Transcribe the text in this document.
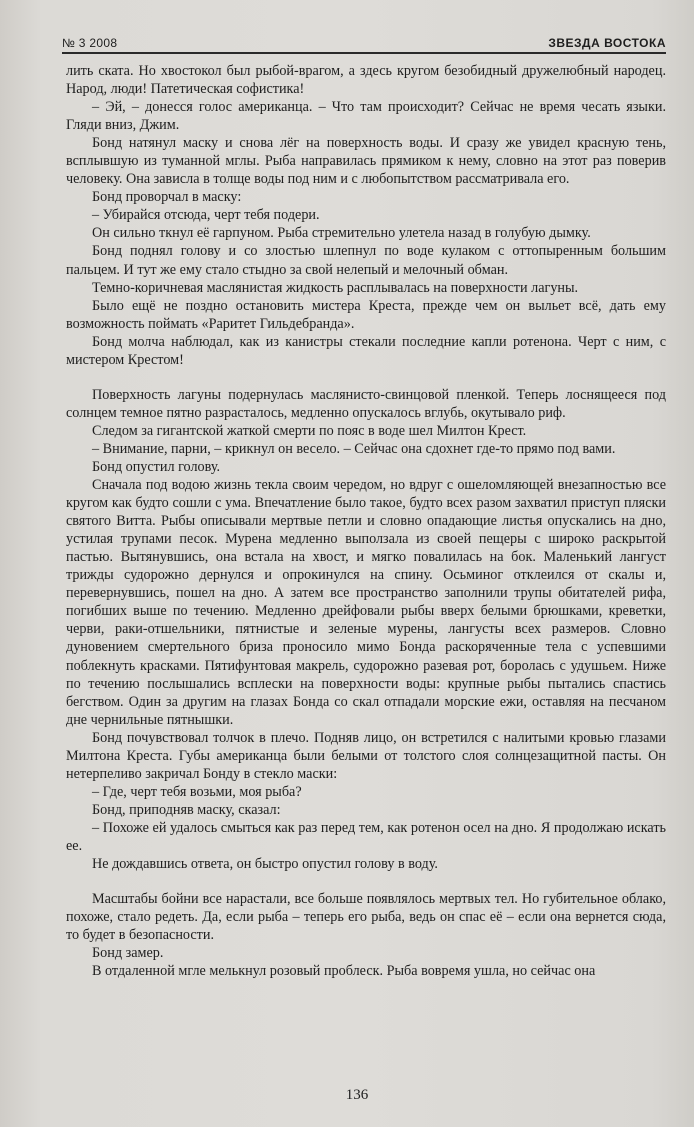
№ 3 2008	ЗВЕЗДА ВОСТОКА

лить ската. Но хвостокол был рыбой-врагом, а здесь кругом безобидный дружелюбный народец. Народ, люди! Патетическая софистика!

– Эй, – донесся голос американца. – Что там происходит? Сейчас не время чесать языки. Гляди вниз, Джим.

Бонд натянул маску и снова лёг на поверхность воды. И сразу же увидел красную тень, всплывшую из туманной мглы. Рыба направилась прямиком к нему, словно на этот раз поверив человеку. Она зависла в толще воды под ним и с любопытством рассматривала его.

Бонд проворчал в маску:

– Убирайся отсюда, черт тебя подери.

Он сильно ткнул её гарпуном. Рыба стремительно улетела назад в голубую дымку.

Бонд поднял голову и со злостью шлепнул по воде кулаком с оттопыренным большим пальцем. И тут же ему стало стыдно за свой нелепый и мелочный обман.

Темно-коричневая маслянистая жидкость расплывалась на поверхности лагуны.

Было ещё не поздно остановить мистера Креста, прежде чем он выльет всё, дать ему возможность поймать «Раритет Гильдебранда».

Бонд молча наблюдал, как из канистры стекали последние капли ротенона. Черт с ним, с мистером Крестом!

Поверхность лагуны подернулась маслянисто-свинцовой пленкой. Теперь лоснящееся под солнцем темное пятно разрасталось, медленно опускалось вглубь, окутывало риф.

Следом за гигантской жаткой смерти по пояс в воде шел Милтон Крест.

– Внимание, парни, – крикнул он весело. – Сейчас она сдохнет где-то прямо под вами.

Бонд опустил голову.

Сначала под водою жизнь текла своим чередом, но вдруг с ошеломляющей внезапностью все кругом как будто сошли с ума. Впечатление было такое, будто всех разом захватил приступ пляски святого Витта. Рыбы описывали мертвые петли и словно опадающие листья опускались на дно, устилая трупами песок. Мурена медленно выползала из своей пещеры с широко раскрытой пастью. Вытянувшись, она встала на хвост, и мягко повалилась на бок. Маленький лангуст трижды судорожно дернулся и опрокинулся на спину. Осьминог отклеился от скалы и, перевернувшись, пошел на дно. А затем все пространство заполнили трупы обитателей рифа, погибших выше по течению. Медленно дрейфовали рыбы вверх белыми брюшками, креветки, черви, раки-отшельники, пятнистые и зеленые мурены, лангусты всех размеров. Словно дуновением смертельного бриза проносило мимо Бонда раскоряченные тела с успевшими поблекнуть красками. Пятифунтовая макрель, судорожно разевая рот, боролась с удушьем. Ниже по течению послышались всплески на поверхности воды: крупные рыбы пытались спастись бегством. Один за другим на глазах Бонда со скал отпадали морские ежи, оставляя на песчаном дне чернильные пятнышки.

Бонд почувствовал толчок в плечо. Подняв лицо, он встретился с налитыми кровью глазами Милтона Креста. Губы американца были белыми от толстого слоя солнцезащитной пасты. Он нетерпеливо закричал Бонду в стекло маски:

– Где, черт тебя возьми, моя рыба?

Бонд, приподняв маску, сказал:

– Похоже ей удалось смыться как раз перед тем, как ротенон осел на дно. Я продолжаю искать ее.

Не дождавшись ответа, он быстро опустил голову в воду.

Масштабы бойни все нарастали, все больше появлялось мертвых тел. Но губительное облако, похоже, стало редеть. Да, если рыба – теперь его рыба, ведь он спас её – если она вернется сюда, то будет в безопасности.

Бонд замер.

В отдаленной мгле мелькнул розовый проблеск. Рыба вовремя ушла, но сейчас она

136
